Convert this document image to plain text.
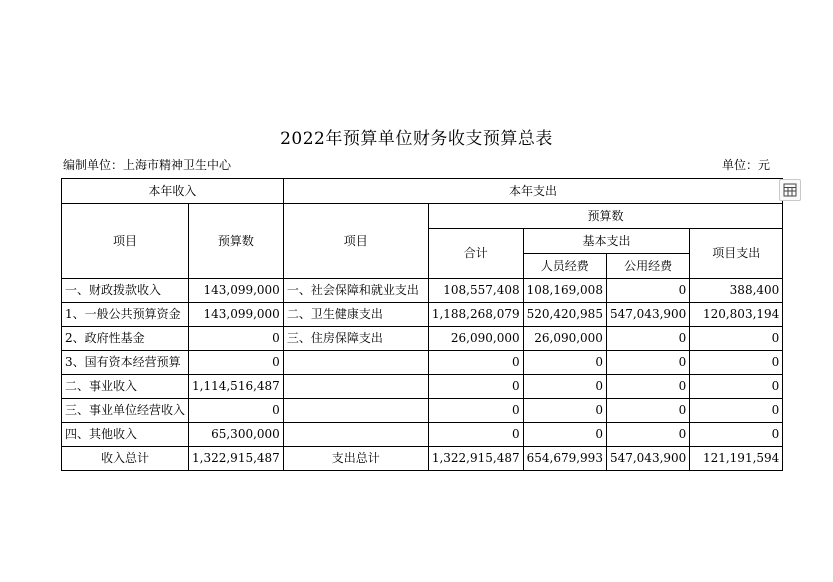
2022年预算单位财务收支预算总表
编制单位：上海市精神卫生中心	单位：元
本年收入		本年支出				
项目	预算数	项目	预算数			
			合计	基本支出		项目支出
				人员经费	公用经费	
一、财政拨款收入	143,099,000	一、社会保障和就业支出	108,557,408	108,169,008	0	388,400
1、一般公共预算资金	143,099,000	二、卫生健康支出	1,188,268,079	520,420,985	547,043,900	120,803,194
2、政府性基金	0	三、住房保障支出	26,090,000	26,090,000	0	0
3、国有资本经营预算	0		0	0	0	0
二、事业收入	1,114,516,487		0	0	0	0
三、事业单位经营收入	0		0	0	0	0
四、其他收入	65,300,000		0	0	0	0
收入总计	1,322,915,487	支出总计	1,322,915,487	654,679,993	547,043,900	121,191,594
